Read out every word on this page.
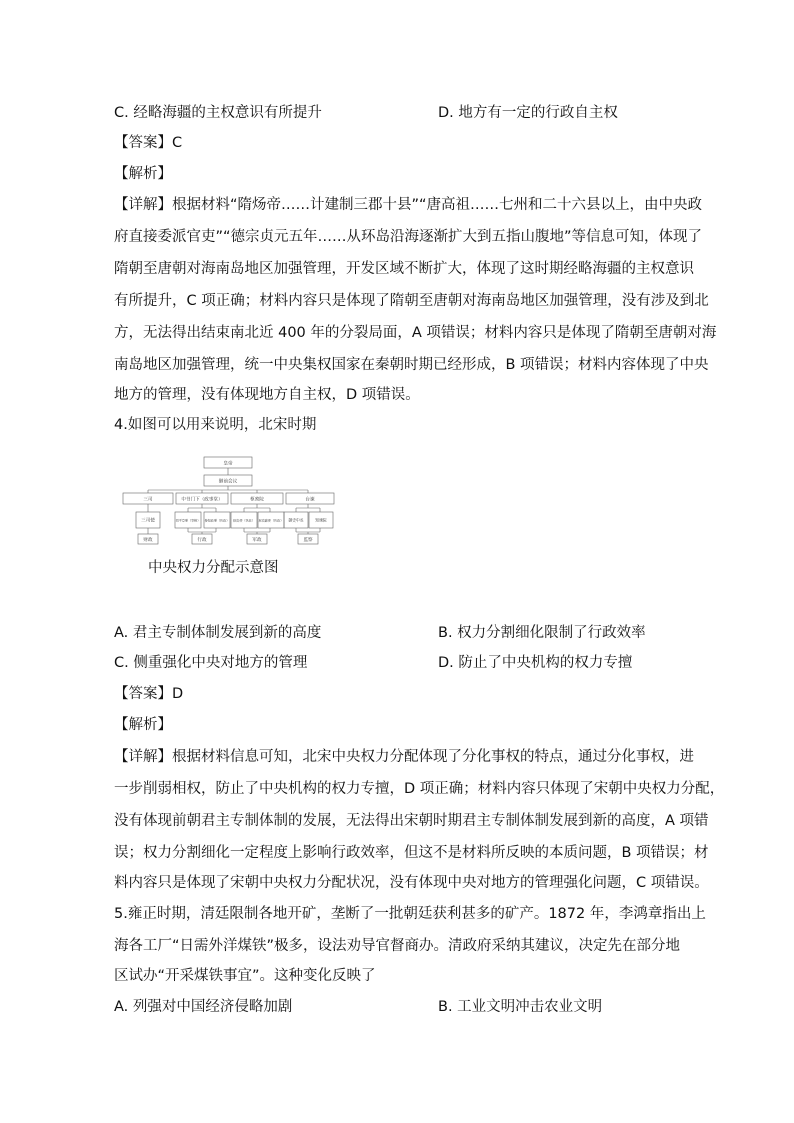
C. 经略海疆的主权意识有所提升	D. 地方有一定的行政自主权
【答案】C
【解析】
【详解】根据材料“隋炀帝……计建制三郡十县”“唐高祖……七州和二十六县以上，由中央政
府直接委派官吏”“德宗贞元五年……从环岛沿海逐渐扩大到五指山腹地”等信息可知，体现了
隋朝至唐朝对海南岛地区加强管理，开发区域不断扩大，体现了这时期经略海疆的主权意识
有所提升，C 项正确；材料内容只是体现了隋朝至唐朝对海南岛地区加强管理，没有涉及到北
方，无法得出结束南北近 400 年的分裂局面，A 项错误；材料内容只是体现了隋朝至唐朝对海
南岛地区加强管理，统一中央集权国家在秦朝时期已经形成，B 项错误；材料内容体现了中央
地方的管理，没有体现地方自主权，D 项错误。
4.如图可以用来说明，北宋时期
皇帝
御前会议
三司	中书门下（政事堂）	枢密院	台谏
三司使	同平章事（宰相） 参知政事（执政） 枢密使（执政） 枢密副使（执政） 御史中丞	知谏院
财政	行政	军政	监察
中央权力分配示意图
A. 君主专制体制发展到新的高度	B. 权力分割细化限制了行政效率
C. 侧重强化中央对地方的管理	D. 防止了中央机构的权力专擅
【答案】D
【解析】
【详解】根据材料信息可知，北宋中央权力分配体现了分化事权的特点，通过分化事权，进
一步削弱相权，防止了中央机构的权力专擅，D 项正确；材料内容只体现了宋朝中央权力分配，
没有体现前朝君主专制体制的发展，无法得出宋朝时期君主专制体制发展到新的高度，A 项错
误；权力分割细化一定程度上影响行政效率，但这不是材料所反映的本质问题，B 项错误；材
料内容只是体现了宋朝中央权力分配状况，没有体现中央对地方的管理强化问题，C 项错误。
5.雍正时期，清廷限制各地开矿，垄断了一批朝廷获利甚多的矿产。1872 年，李鸿章指出上
海各工厂“日需外洋煤铁”极多，设法劝导官督商办。清政府采纳其建议，决定先在部分地
区试办“开采煤铁事宜”。这种变化反映了
A. 列强对中国经济侵略加剧	B. 工业文明冲击农业文明
